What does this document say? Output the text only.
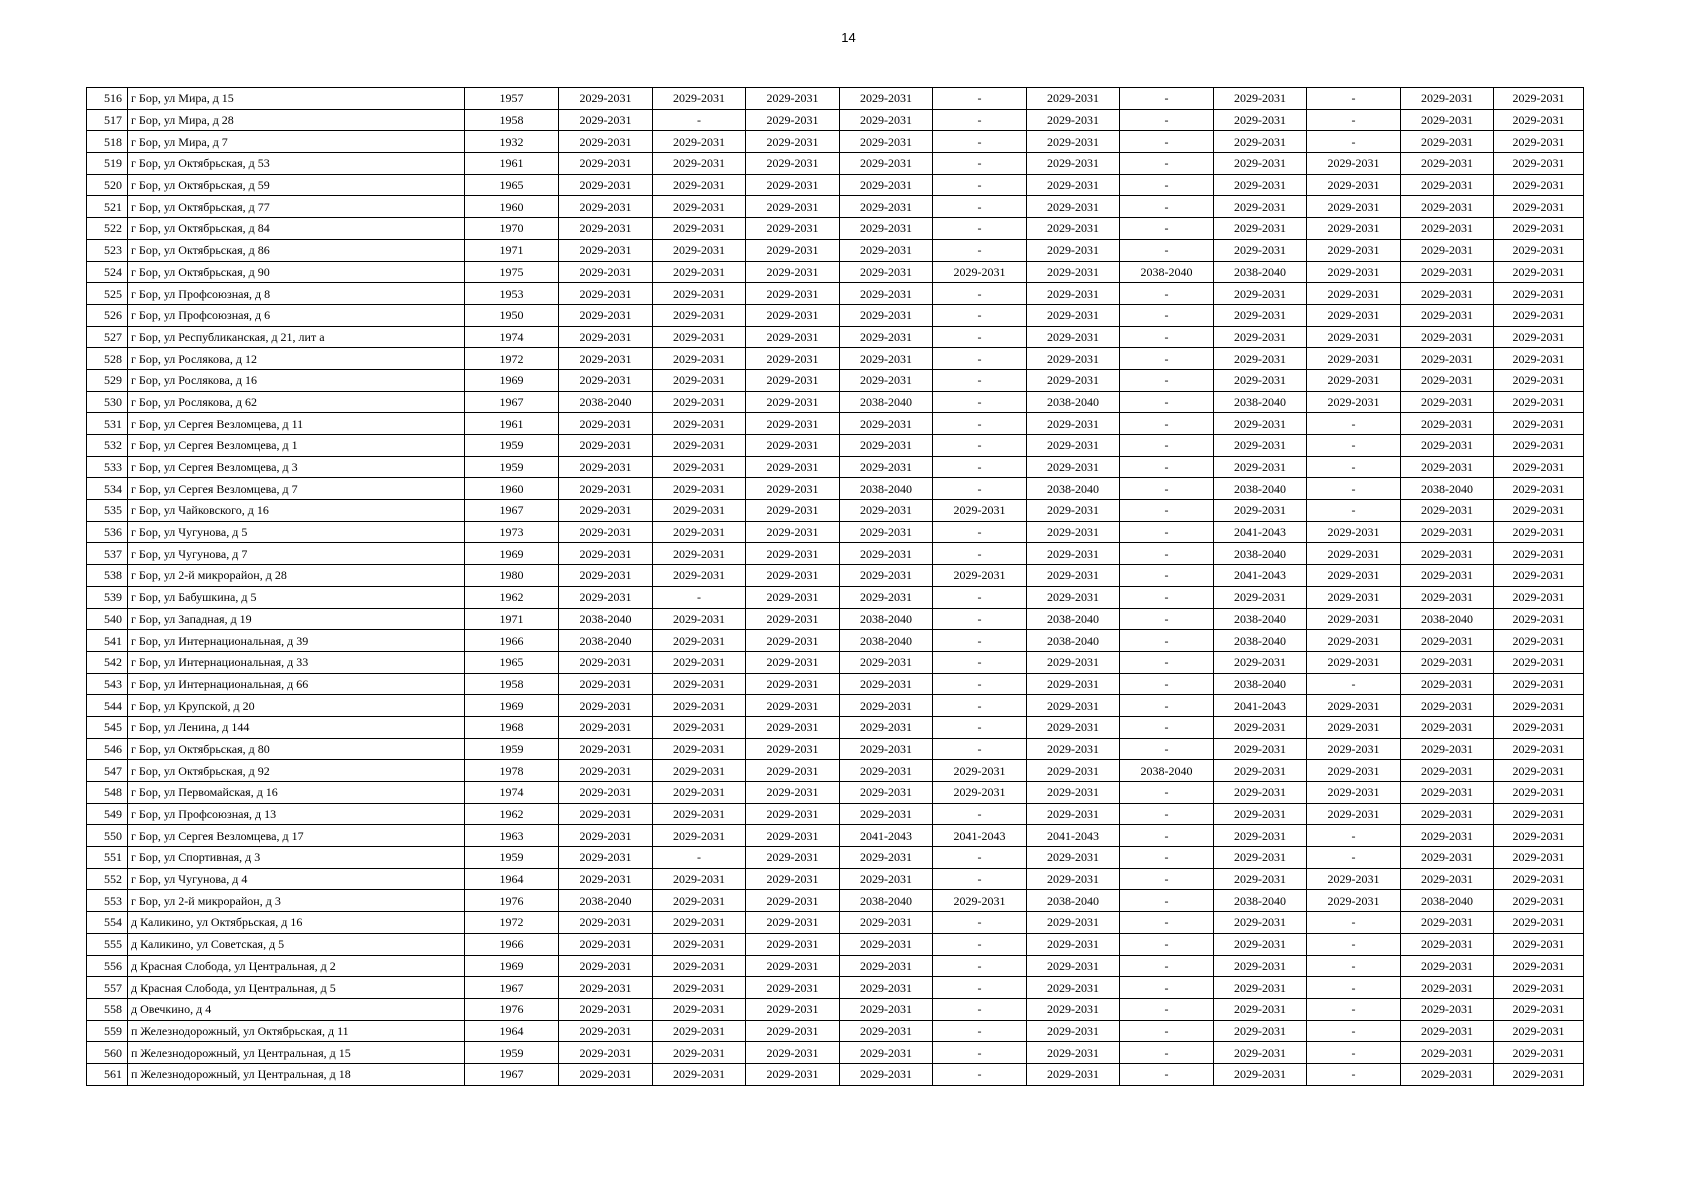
14
516	г Бор, ул Мира, д 15	1957	2029-2031	2029-2031	2029-2031	2029-2031	-	2029-2031	-	2029-2031	-	2029-2031	2029-2031
517	г Бор, ул Мира, д 28	1958	2029-2031	-	2029-2031	2029-2031	-	2029-2031	-	2029-2031	-	2029-2031	2029-2031
518	г Бор, ул Мира, д 7	1932	2029-2031	2029-2031	2029-2031	2029-2031	-	2029-2031	-	2029-2031	-	2029-2031	2029-2031
519	г Бор, ул Октябрьская, д 53	1961	2029-2031	2029-2031	2029-2031	2029-2031	-	2029-2031	-	2029-2031	2029-2031	2029-2031	2029-2031
520	г Бор, ул Октябрьская, д 59	1965	2029-2031	2029-2031	2029-2031	2029-2031	-	2029-2031	-	2029-2031	2029-2031	2029-2031	2029-2031
521	г Бор, ул Октябрьская, д 77	1960	2029-2031	2029-2031	2029-2031	2029-2031	-	2029-2031	-	2029-2031	2029-2031	2029-2031	2029-2031
522	г Бор, ул Октябрьская, д 84	1970	2029-2031	2029-2031	2029-2031	2029-2031	-	2029-2031	-	2029-2031	2029-2031	2029-2031	2029-2031
523	г Бор, ул Октябрьская, д 86	1971	2029-2031	2029-2031	2029-2031	2029-2031	-	2029-2031	-	2029-2031	2029-2031	2029-2031	2029-2031
524	г Бор, ул Октябрьская, д 90	1975	2029-2031	2029-2031	2029-2031	2029-2031	2029-2031	2029-2031	2038-2040	2038-2040	2029-2031	2029-2031	2029-2031
525	г Бор, ул Профсоюзная, д 8	1953	2029-2031	2029-2031	2029-2031	2029-2031	-	2029-2031	-	2029-2031	2029-2031	2029-2031	2029-2031
526	г Бор, ул Профсоюзная, д 6	1950	2029-2031	2029-2031	2029-2031	2029-2031	-	2029-2031	-	2029-2031	2029-2031	2029-2031	2029-2031
527	г Бор, ул Республиканская, д 21, лит а	1974	2029-2031	2029-2031	2029-2031	2029-2031	-	2029-2031	-	2029-2031	2029-2031	2029-2031	2029-2031
528	г Бор, ул Рослякова, д 12	1972	2029-2031	2029-2031	2029-2031	2029-2031	-	2029-2031	-	2029-2031	2029-2031	2029-2031	2029-2031
529	г Бор, ул Рослякова, д 16	1969	2029-2031	2029-2031	2029-2031	2029-2031	-	2029-2031	-	2029-2031	2029-2031	2029-2031	2029-2031
530	г Бор, ул Рослякова, д 62	1967	2038-2040	2029-2031	2029-2031	2038-2040	-	2038-2040	-	2038-2040	2029-2031	2029-2031	2029-2031
531	г Бор, ул Сергея Везломцева, д 11	1961	2029-2031	2029-2031	2029-2031	2029-2031	-	2029-2031	-	2029-2031	-	2029-2031	2029-2031
532	г Бор, ул Сергея Везломцева, д 1	1959	2029-2031	2029-2031	2029-2031	2029-2031	-	2029-2031	-	2029-2031	-	2029-2031	2029-2031
533	г Бор, ул Сергея Везломцева, д 3	1959	2029-2031	2029-2031	2029-2031	2029-2031	-	2029-2031	-	2029-2031	-	2029-2031	2029-2031
534	г Бор, ул Сергея Везломцева, д 7	1960	2029-2031	2029-2031	2029-2031	2038-2040	-	2038-2040	-	2038-2040	-	2038-2040	2029-2031
535	г Бор, ул Чайковского, д 16	1967	2029-2031	2029-2031	2029-2031	2029-2031	2029-2031	2029-2031	-	2029-2031	-	2029-2031	2029-2031
536	г Бор, ул Чугунова, д 5	1973	2029-2031	2029-2031	2029-2031	2029-2031	-	2029-2031	-	2041-2043	2029-2031	2029-2031	2029-2031
537	г Бор, ул Чугунова, д 7	1969	2029-2031	2029-2031	2029-2031	2029-2031	-	2029-2031	-	2038-2040	2029-2031	2029-2031	2029-2031
538	г Бор, ул 2-й микрорайон, д 28	1980	2029-2031	2029-2031	2029-2031	2029-2031	2029-2031	2029-2031	-	2041-2043	2029-2031	2029-2031	2029-2031
539	г Бор, ул Бабушкина, д 5	1962	2029-2031	-	2029-2031	2029-2031	-	2029-2031	-	2029-2031	2029-2031	2029-2031	2029-2031
540	г Бор, ул Западная, д 19	1971	2038-2040	2029-2031	2029-2031	2038-2040	-	2038-2040	-	2038-2040	2029-2031	2038-2040	2029-2031
541	г Бор, ул Интернациональная, д 39	1966	2038-2040	2029-2031	2029-2031	2038-2040	-	2038-2040	-	2038-2040	2029-2031	2029-2031	2029-2031
542	г Бор, ул Интернациональная, д 33	1965	2029-2031	2029-2031	2029-2031	2029-2031	-	2029-2031	-	2029-2031	2029-2031	2029-2031	2029-2031
543	г Бор, ул Интернациональная, д 66	1958	2029-2031	2029-2031	2029-2031	2029-2031	-	2029-2031	-	2038-2040	-	2029-2031	2029-2031
544	г Бор, ул Крупской, д 20	1969	2029-2031	2029-2031	2029-2031	2029-2031	-	2029-2031	-	2041-2043	2029-2031	2029-2031	2029-2031
545	г Бор, ул Ленина, д 144	1968	2029-2031	2029-2031	2029-2031	2029-2031	-	2029-2031	-	2029-2031	2029-2031	2029-2031	2029-2031
546	г Бор, ул Октябрьская, д 80	1959	2029-2031	2029-2031	2029-2031	2029-2031	-	2029-2031	-	2029-2031	2029-2031	2029-2031	2029-2031
547	г Бор, ул Октябрьская, д 92	1978	2029-2031	2029-2031	2029-2031	2029-2031	2029-2031	2029-2031	2038-2040	2029-2031	2029-2031	2029-2031	2029-2031
548	г Бор, ул Первомайская, д 16	1974	2029-2031	2029-2031	2029-2031	2029-2031	2029-2031	2029-2031	-	2029-2031	2029-2031	2029-2031	2029-2031
549	г Бор, ул Профсоюзная, д 13	1962	2029-2031	2029-2031	2029-2031	2029-2031	-	2029-2031	-	2029-2031	2029-2031	2029-2031	2029-2031
550	г Бор, ул Сергея Везломцева, д 17	1963	2029-2031	2029-2031	2029-2031	2041-2043	2041-2043	2041-2043	-	2029-2031	-	2029-2031	2029-2031
551	г Бор, ул Спортивная, д 3	1959	2029-2031	-	2029-2031	2029-2031	-	2029-2031	-	2029-2031	-	2029-2031	2029-2031
552	г Бор, ул Чугунова, д 4	1964	2029-2031	2029-2031	2029-2031	2029-2031	-	2029-2031	-	2029-2031	2029-2031	2029-2031	2029-2031
553	г Бор, ул 2-й микрорайон, д 3	1976	2038-2040	2029-2031	2029-2031	2038-2040	2029-2031	2038-2040	-	2038-2040	2029-2031	2038-2040	2029-2031
554	д Каликино, ул Октябрьская, д 16	1972	2029-2031	2029-2031	2029-2031	2029-2031	-	2029-2031	-	2029-2031	-	2029-2031	2029-2031
555	д Каликино, ул Советская, д 5	1966	2029-2031	2029-2031	2029-2031	2029-2031	-	2029-2031	-	2029-2031	-	2029-2031	2029-2031
556	д Красная Слобода, ул Центральная, д 2	1969	2029-2031	2029-2031	2029-2031	2029-2031	-	2029-2031	-	2029-2031	-	2029-2031	2029-2031
557	д Красная Слобода, ул Центральная, д 5	1967	2029-2031	2029-2031	2029-2031	2029-2031	-	2029-2031	-	2029-2031	-	2029-2031	2029-2031
558	д Овечкино, д 4	1976	2029-2031	2029-2031	2029-2031	2029-2031	-	2029-2031	-	2029-2031	-	2029-2031	2029-2031
559	п Железнодорожный, ул Октябрьская, д 11	1964	2029-2031	2029-2031	2029-2031	2029-2031	-	2029-2031	-	2029-2031	-	2029-2031	2029-2031
560	п Железнодорожный, ул Центральная, д 15	1959	2029-2031	2029-2031	2029-2031	2029-2031	-	2029-2031	-	2029-2031	-	2029-2031	2029-2031
561	п Железнодорожный, ул Центральная, д 18	1967	2029-2031	2029-2031	2029-2031	2029-2031	-	2029-2031	-	2029-2031	-	2029-2031	2029-2031
